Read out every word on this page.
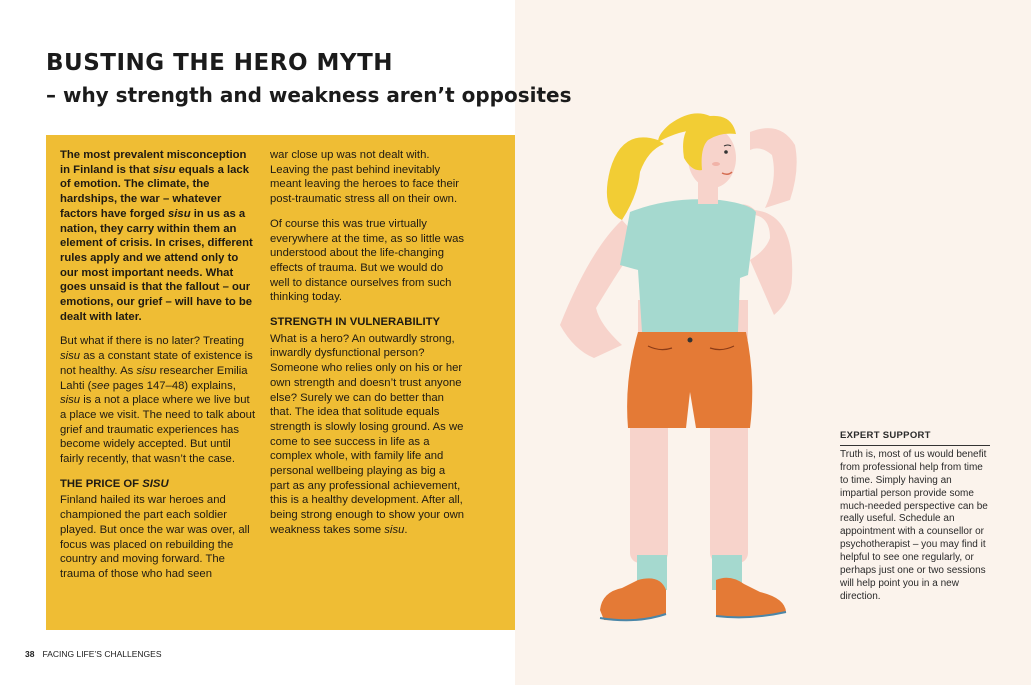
BUSTING THE HERO MYTH
– why strength and weakness aren’t opposites

The most prevalent misconception in Finland is that sisu equals a lack of emotion. The climate, the hardships, the war – whatever factors have forged sisu in us as a nation, they carry within them an element of crisis. In crises, different rules apply and we attend only to our most important needs. What goes unsaid is that the fallout – our emotions, our grief – will have to be dealt with later.

But what if there is no later? Treating sisu as a constant state of existence is not healthy. As sisu researcher Emilia Lahti (see pages 147–48) explains, sisu is a not a place where we live but a place we visit. The need to talk about grief and traumatic experiences has become widely accepted. But until fairly recently, that wasn’t the case.

THE PRICE OF SISU

Finland hailed its war heroes and championed the part each soldier played. But once the war was over, all focus was placed on rebuilding the country and moving forward. The trauma of those who had seen

war close up was not dealt with. Leaving the past behind inevitably meant leaving the heroes to face their post-traumatic stress all on their own.

Of course this was true virtually everywhere at the time, as so little was understood about the life-changing effects of trauma. But we would do well to distance ourselves from such thinking today.

STRENGTH IN VULNERABILITY

What is a hero? An outwardly strong, inwardly dysfunctional person? Someone who relies only on his or her own strength and doesn’t trust anyone else? Surely we can do better than that. The idea that solitude equals strength is slowly losing ground. As we come to see success in life as a complex whole, with family life and personal wellbeing playing as big a part as any professional achievement, this is a healthy development. After all, being strong enough to show your own weakness takes some sisu.

38 FACING LIFE’S CHALLENGES
EXPERT SUPPORT
Truth is, most of us would benefit from professional help from time to time. Simply having an impartial person provide some much-needed perspective can be really useful. Schedule an appointment with a counsellor or psychotherapist – you may find it helpful to see one regularly, or perhaps just one or two sessions will help point you in a new direction.
